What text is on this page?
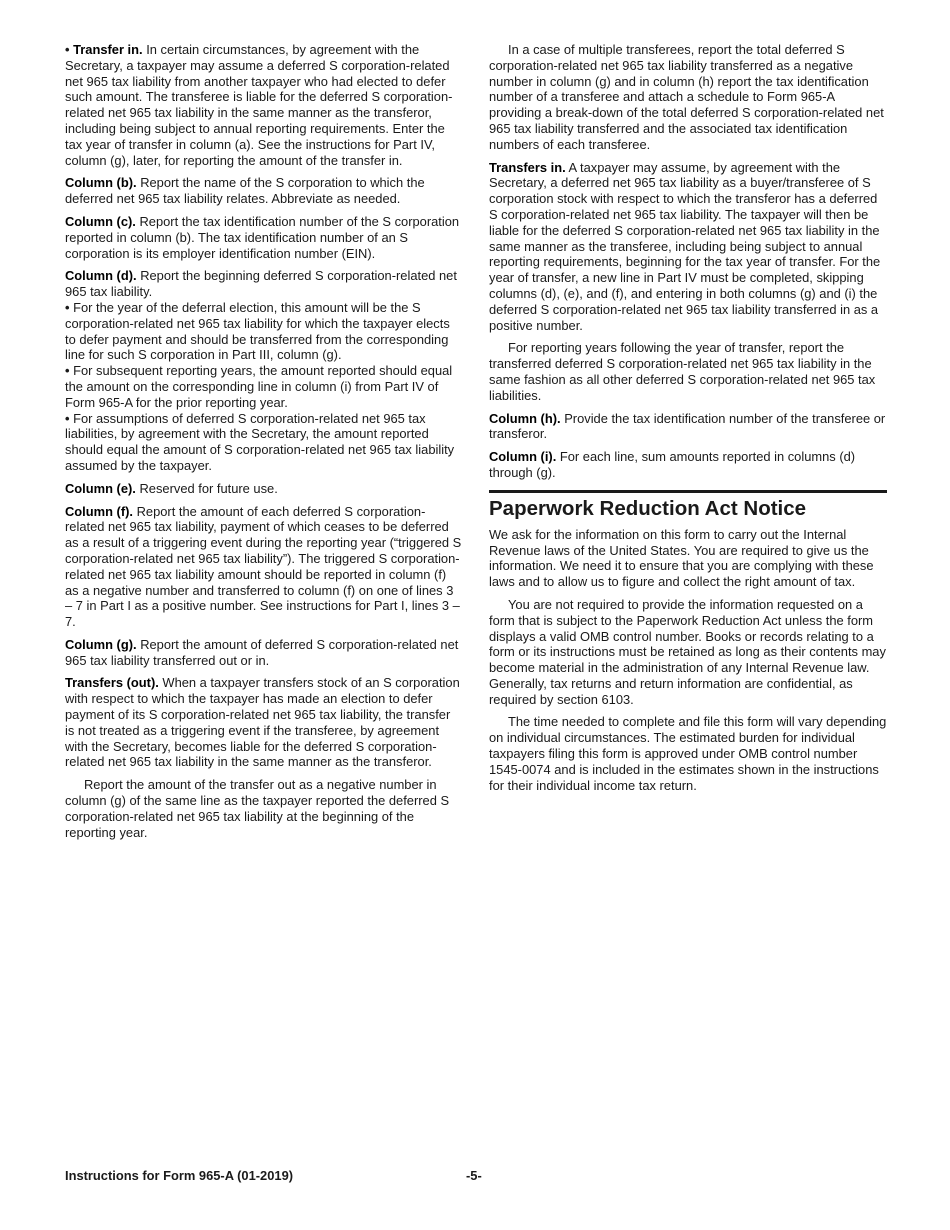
• Transfer in. In certain circumstances, by agreement with the Secretary, a taxpayer may assume a deferred S corporation-related net 965 tax liability from another taxpayer who had elected to defer such amount. The transferee is liable for the deferred S corporation-related net 965 tax liability in the same manner as the transferor, including being subject to annual reporting requirements. Enter the tax year of transfer in column (a). See the instructions for Part IV, column (g), later, for reporting the amount of the transfer in.

Column (b). Report the name of the S corporation to which the deferred net 965 tax liability relates. Abbreviate as needed.

Column (c). Report the tax identification number of the S corporation reported in column (b). The tax identification number of an S corporation is its employer identification number (EIN).

Column (d). Report the beginning deferred S corporation-related net 965 tax liability.
• For the year of the deferral election, this amount will be the S corporation-related net 965 tax liability for which the taxpayer elects to defer payment and should be transferred from the corresponding line for such S corporation in Part III, column (g).
• For subsequent reporting years, the amount reported should equal the amount on the corresponding line in column (i) from Part IV of Form 965-A for the prior reporting year.
• For assumptions of deferred S corporation-related net 965 tax liabilities, by agreement with the Secretary, the amount reported should equal the amount of S corporation-related net 965 tax liability assumed by the taxpayer.

Column (e). Reserved for future use.

Column (f). Report the amount of each deferred S corporation-related net 965 tax liability, payment of which ceases to be deferred as a result of a triggering event during the reporting year (“triggered S corporation-related net 965 tax liability”). The triggered S corporation-related net 965 tax liability amount should be reported in column (f) as a negative number and transferred to column (f) on one of lines 3 – 7 in Part I as a positive number. See instructions for Part I, lines 3 – 7.

Column (g). Report the amount of deferred S corporation-related net 965 tax liability transferred out or in.

Transfers (out). When a taxpayer transfers stock of an S corporation with respect to which the taxpayer has made an election to defer payment of its S corporation-related net 965 tax liability, the transfer is not treated as a triggering event if the transferee, by agreement with the Secretary, becomes liable for the deferred S corporation-related net 965 tax liability in the same manner as the transferor.

Report the amount of the transfer out as a negative number in column (g) of the same line as the taxpayer reported the deferred S corporation-related net 965 tax liability at the beginning of the reporting year.

In a case of multiple transferees, report the total deferred S corporation-related net 965 tax liability transferred as a negative number in column (g) and in column (h) report the tax identification number of a transferee and attach a schedule to Form 965-A providing a break-down of the total deferred S corporation-related net 965 tax liability transferred and the associated tax identification numbers of each transferee.

Transfers in. A taxpayer may assume, by agreement with the Secretary, a deferred net 965 tax liability as a buyer/transferee of S corporation stock with respect to which the transferor has a deferred S corporation-related net 965 tax liability. The taxpayer will then be liable for the deferred S corporation-related net 965 tax liability in the same manner as the transferee, including being subject to annual reporting requirements, beginning for the tax year of transfer. For the year of transfer, a new line in Part IV must be completed, skipping columns (d), (e), and (f), and entering in both columns (g) and (i) the deferred S corporation-related net 965 tax liability transferred in as a positive number.

For reporting years following the year of transfer, report the transferred deferred S corporation-related net 965 tax liability in the same fashion as all other deferred S corporation-related net 965 tax liabilities.

Column (h). Provide the tax identification number of the transferee or transferor.

Column (i). For each line, sum amounts reported in columns (d) through (g).

Paperwork Reduction Act Notice

We ask for the information on this form to carry out the Internal Revenue laws of the United States. You are required to give us the information. We need it to ensure that you are complying with these laws and to allow us to figure and collect the right amount of tax.

You are not required to provide the information requested on a form that is subject to the Paperwork Reduction Act unless the form displays a valid OMB control number. Books or records relating to a form or its instructions must be retained as long as their contents may become material in the administration of any Internal Revenue law. Generally, tax returns and return information are confidential, as required by section 6103.

The time needed to complete and file this form will vary depending on individual circumstances. The estimated burden for individual taxpayers filing this form is approved under OMB control number 1545-0074 and is included in the estimates shown in the instructions for their individual income tax return.

Instructions for Form 965-A (01-2019)	-5-
